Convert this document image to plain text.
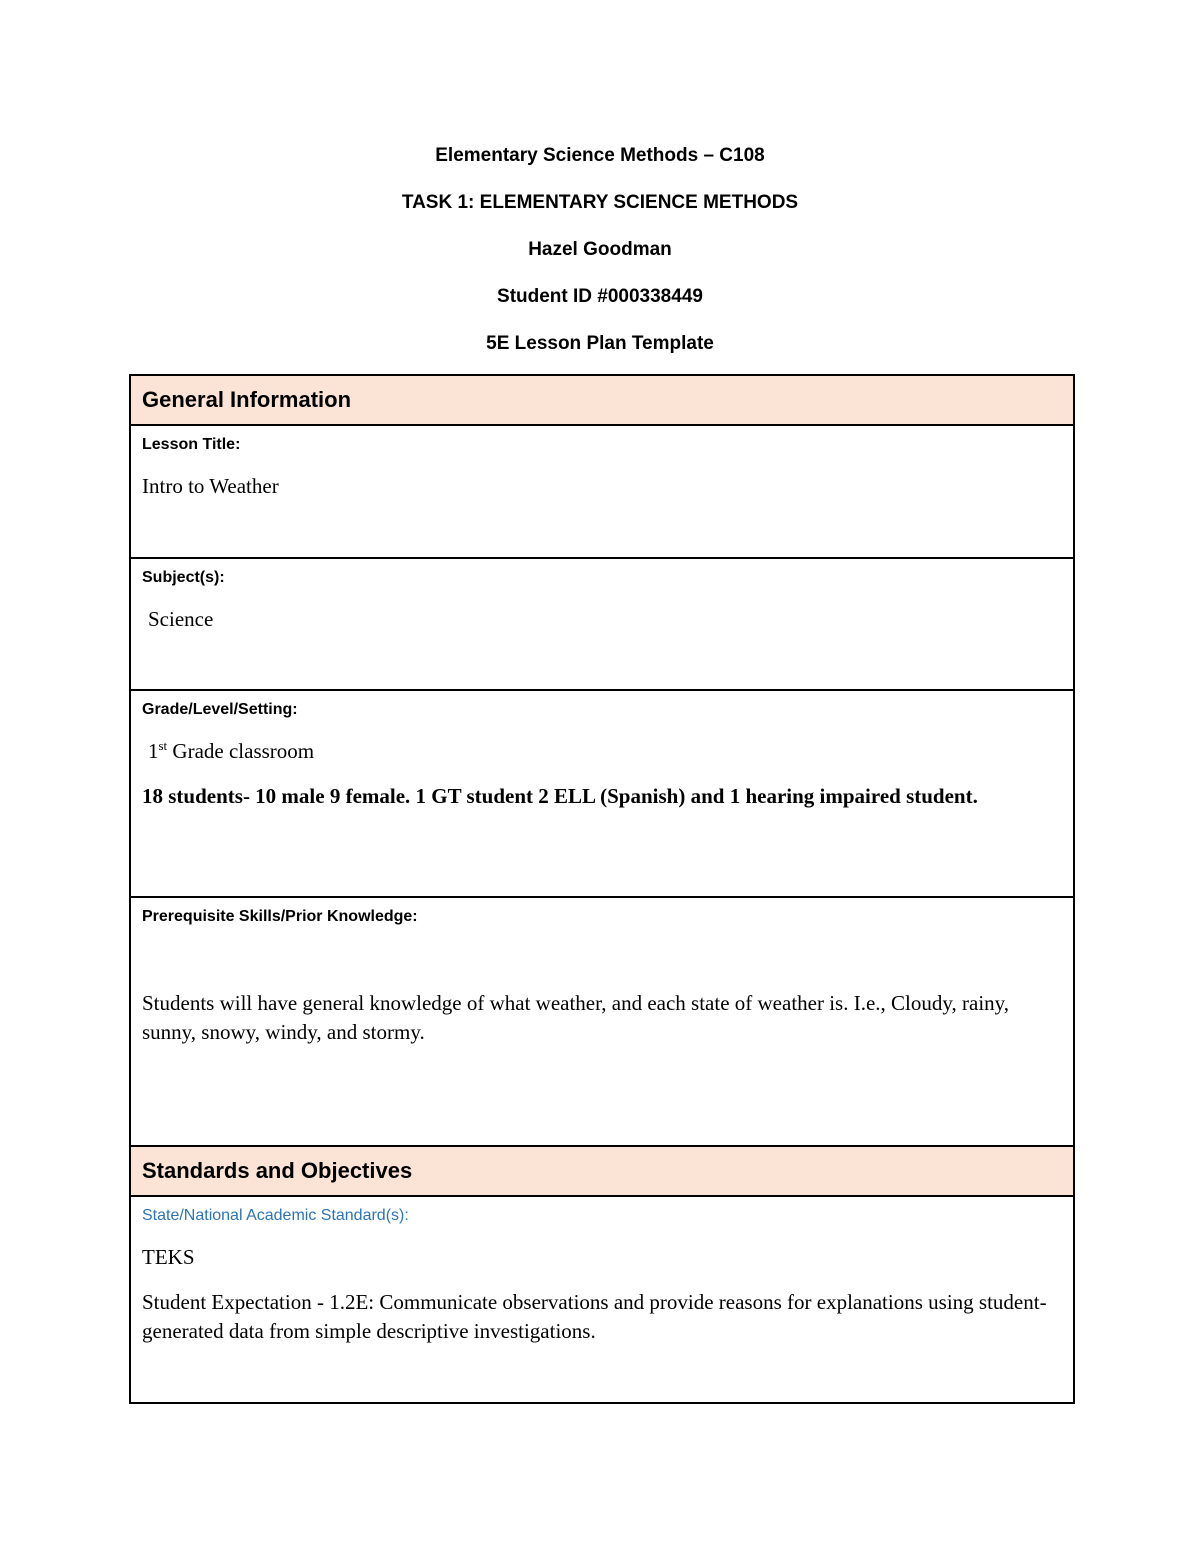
Elementary Science Methods – C108
TASK 1: ELEMENTARY SCIENCE METHODS
Hazel Goodman
Student ID #000338449
5E Lesson Plan Template
General Information

Lesson Title:

Intro to Weather

Subject(s):

Science

Grade/Level/Setting:

1st Grade classroom

18 students- 10 male 9 female. 1 GT student 2 ELL (Spanish) and 1 hearing impaired student.

Prerequisite Skills/Prior Knowledge:

Students will have general knowledge of what weather, and each state of weather is. I.e., Cloudy, rainy, sunny, snowy, windy, and stormy.

Standards and Objectives

State/National Academic Standard(s):

TEKS

Student Expectation - 1.2E: Communicate observations and provide reasons for explanations using student-generated data from simple descriptive investigations.
